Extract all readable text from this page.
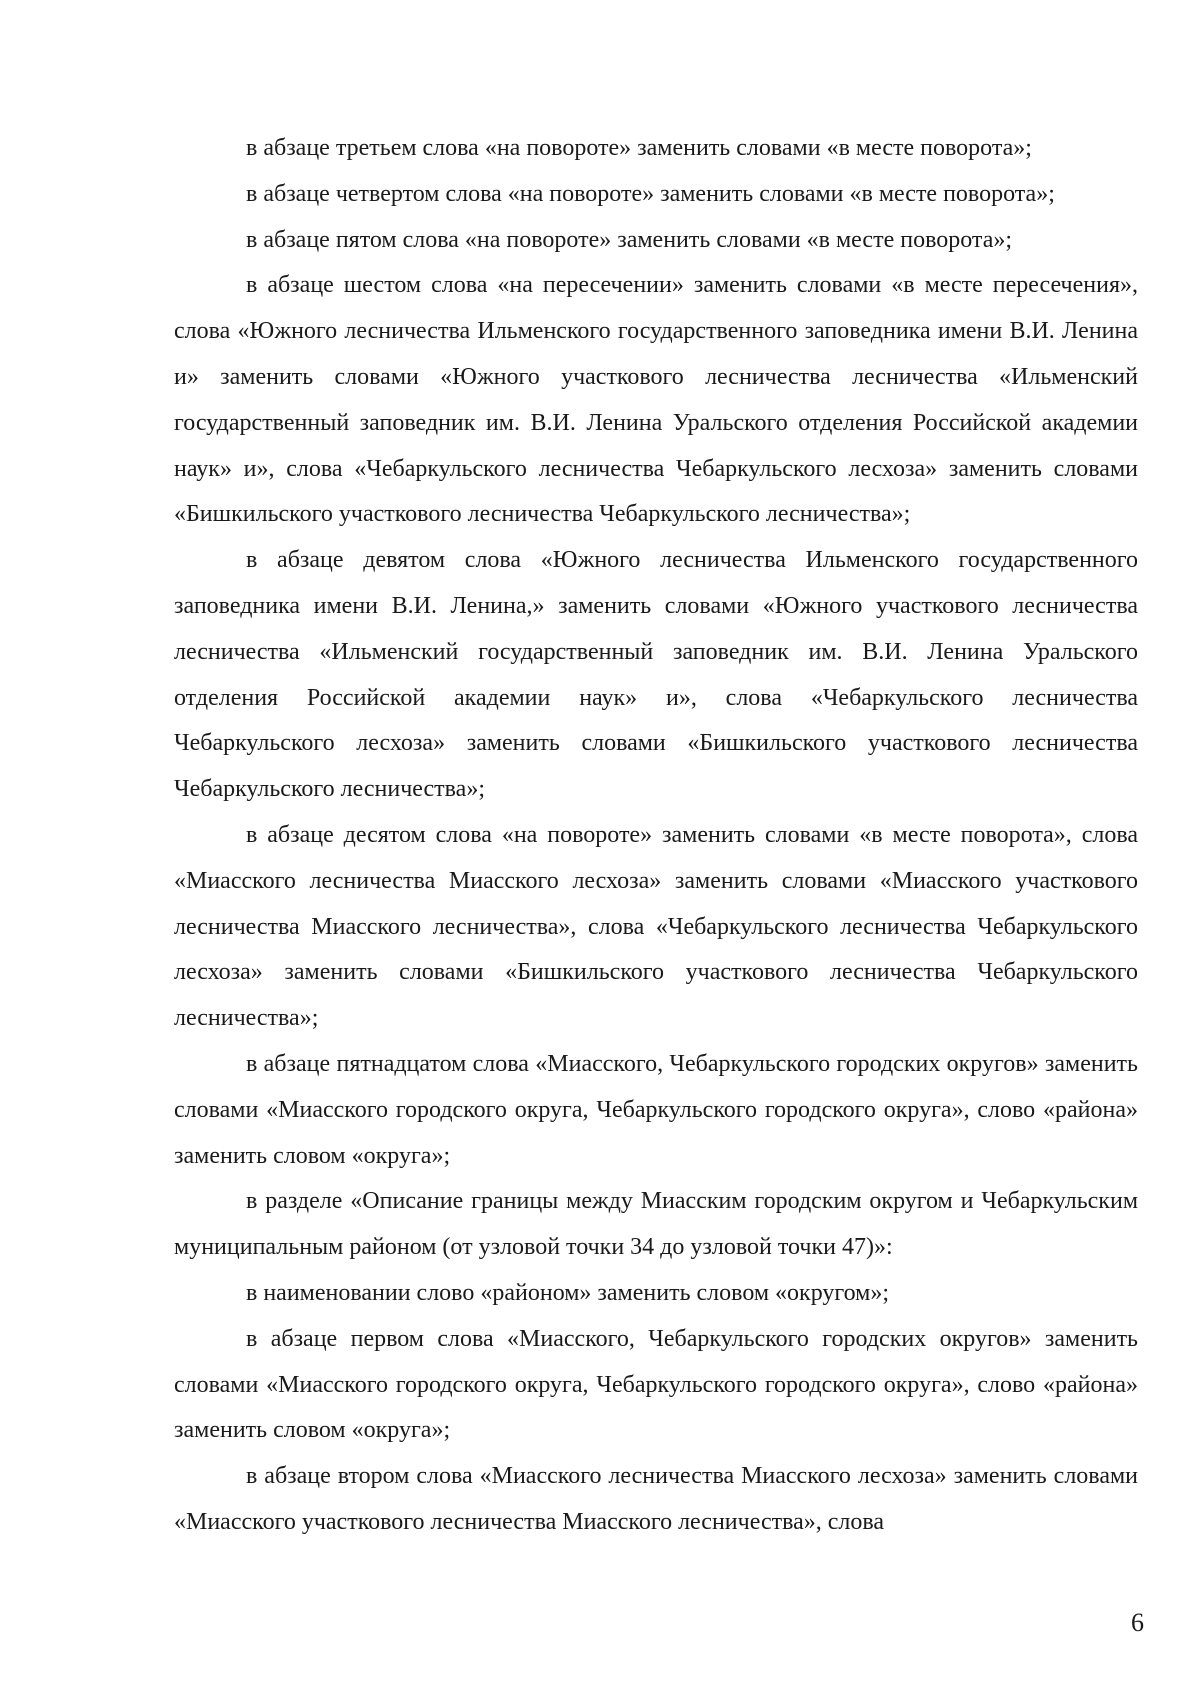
в абзаце третьем слова «на повороте» заменить словами «в месте поворота»;

в абзаце четвертом слова «на повороте» заменить словами «в месте поворота»;

в абзаце пятом слова «на повороте» заменить словами «в месте поворота»;

в абзаце шестом слова «на пересечении» заменить словами «в месте пересечения», слова «Южного лесничества Ильменского государственного заповедника имени В.И. Ленина и» заменить словами «Южного участкового лесничества лесничества «Ильменский государственный заповедник им. В.И. Ленина Уральского отделения Российской академии наук» и», слова «Чебаркульского лесничества Чебаркульского лесхоза» заменить словами «Бишкильского участкового лесничества Чебаркульского лесничества»;

в абзаце девятом слова «Южного лесничества Ильменского государственного заповедника имени В.И. Ленина,» заменить словами «Южного участкового лесничества лесничества «Ильменский государственный заповедник им. В.И. Ленина Уральского отделения Российской академии наук» и», слова «Чебаркульского лесничества Чебаркульского лесхоза» заменить словами «Бишкильского участкового лесничества Чебаркульского лесничества»;

в абзаце десятом слова «на повороте» заменить словами «в месте поворота», слова «Миасского лесничества Миасского лесхоза» заменить словами «Миасского участкового лесничества Миасского лесничества», слова «Чебаркульского лесничества Чебаркульского лесхоза» заменить словами «Бишкильского участкового лесничества Чебаркульского лесничества»;

в абзаце пятнадцатом слова «Миасского, Чебаркульского городских округов» заменить словами «Миасского городского округа, Чебаркульского городского округа», слово «района» заменить словом «округа»;

в разделе «Описание границы между Миасским городским округом и Чебаркульским муниципальным районом (от узловой точки 34 до узловой точки 47)»:

в наименовании слово «районом» заменить словом «округом»;

в абзаце первом слова «Миасского, Чебаркульского городских округов» заменить словами «Миасского городского округа, Чебаркульского городского округа», слово «района» заменить словом «округа»;

в абзаце втором слова «Миасского лесничества Миасского лесхоза» заменить словами «Миасского участкового лесничества Миасского лесничества», слова

6
